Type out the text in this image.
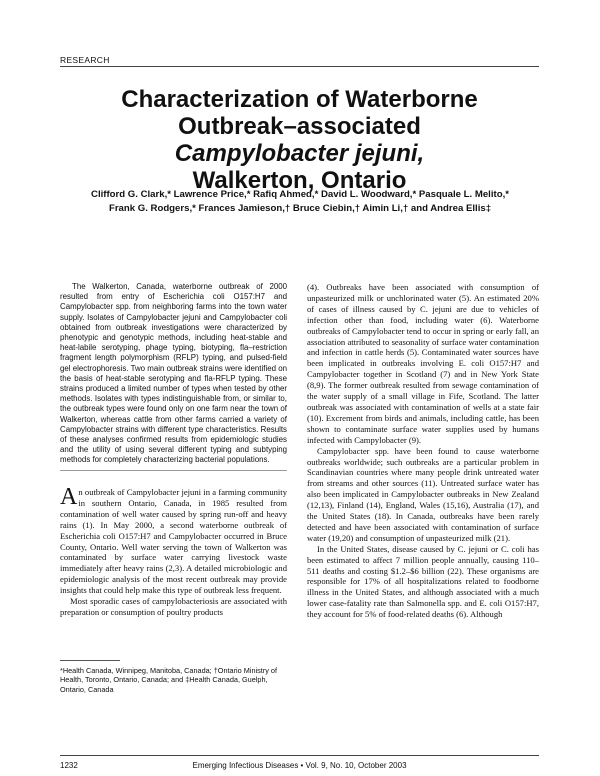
RESEARCH
Characterization of Waterborne
Outbreak–associated
Campylobacter jejuni,
Walkerton, Ontario
Clifford G. Clark,* Lawrence Price,* Rafiq Ahmed,* David L. Woodward,* Pasquale L. Melito,*
Frank G. Rodgers,* Frances Jamieson,† Bruce Ciebin,† Aimin Li,† and Andrea Ellis‡

The Walkerton, Canada, waterborne outbreak of 2000 resulted from entry of Escherichia coli O157:H7 and Campylobacter spp. from neighboring farms into the town water supply. Isolates of Campylobacter jejuni and Campylobacter coli obtained from outbreak investigations were characterized by phenotypic and genotypic methods, including heat-stable and heat-labile serotyping, phage typing, biotyping, fla–restriction fragment length polymorphism (RFLP) typing, and pulsed-field gel electrophoresis. Two main outbreak strains were identified on the basis of heat-stable serotyping and fla-RFLP typing. These strains produced a limited number of types when tested by other methods. Isolates with types indistinguishable from, or similar to, the outbreak types were found only on one farm near the town of Walkerton, whereas cattle from other farms carried a variety of Campylobacter strains with different type characteristics. Results of these analyses confirmed results from epidemiologic studies and the utility of using several different typing and subtyping methods for completely characterizing bacterial populations.

An outbreak of Campylobacter jejuni in a farming community in southern Ontario, Canada, in 1985 resulted from contamination of well water caused by spring run-off and heavy rains (1). In May 2000, a second waterborne outbreak of Escherichia coli O157:H7 and Campylobacter occurred in Bruce County, Ontario. Well water serving the town of Walkerton was contaminated by surface water carrying livestock waste immediately after heavy rains (2,3). A detailed microbiologic and epidemiologic analysis of the most recent outbreak may provide insights that could help make this type of outbreak less frequent.

Most sporadic cases of campylobacteriosis are associated with preparation or consumption of poultry products

*Health Canada, Winnipeg, Manitoba, Canada; †Ontario Ministry of Health, Toronto, Ontario, Canada; and ‡Health Canada, Guelph, Ontario, Canada

(4). Outbreaks have been associated with consumption of unpasteurized milk or unchlorinated water (5). An estimated 20% of cases of illness caused by C. jejuni are due to vehicles of infection other than food, including water (6). Waterborne outbreaks of Campylobacter tend to occur in spring or early fall, an association attributed to seasonality of surface water contamination and infection in cattle herds (5). Contaminated water sources have been implicated in outbreaks involving E. coli O157:H7 and Campylobacter together in Scotland (7) and in New York State (8,9). The former outbreak resulted from sewage contamination of the water supply of a small village in Fife, Scotland. The latter outbreak was associated with contamination of wells at a state fair (10). Excrement from birds and animals, including cattle, has been shown to contaminate surface water supplies used by humans infected with Campylobacter (9).

Campylobacter spp. have been found to cause waterborne outbreaks worldwide; such outbreaks are a particular problem in Scandinavian countries where many people drink untreated water from streams and other sources (11). Untreated surface water has also been implicated in Campylobacter outbreaks in New Zealand (12,13), Finland (14), England, Wales (15,16), Australia (17), and the United States (18). In Canada, outbreaks have been rarely detected and have been associated with contamination of surface water (19,20) and consumption of unpasteurized milk (21).

In the United States, disease caused by C. jejuni or C. coli has been estimated to affect 7 million people annually, causing 110–511 deaths and costing $1.2–$6 billion (22). These organisms are responsible for 17% of all hospitalizations related to foodborne illness in the United States, and although associated with a much lower case-fatality rate than Salmonella spp. and E. coli O157:H7, they account for 5% of food-related deaths (6). Although

1232	Emerging Infectious Diseases • Vol. 9, No. 10, October 2003
